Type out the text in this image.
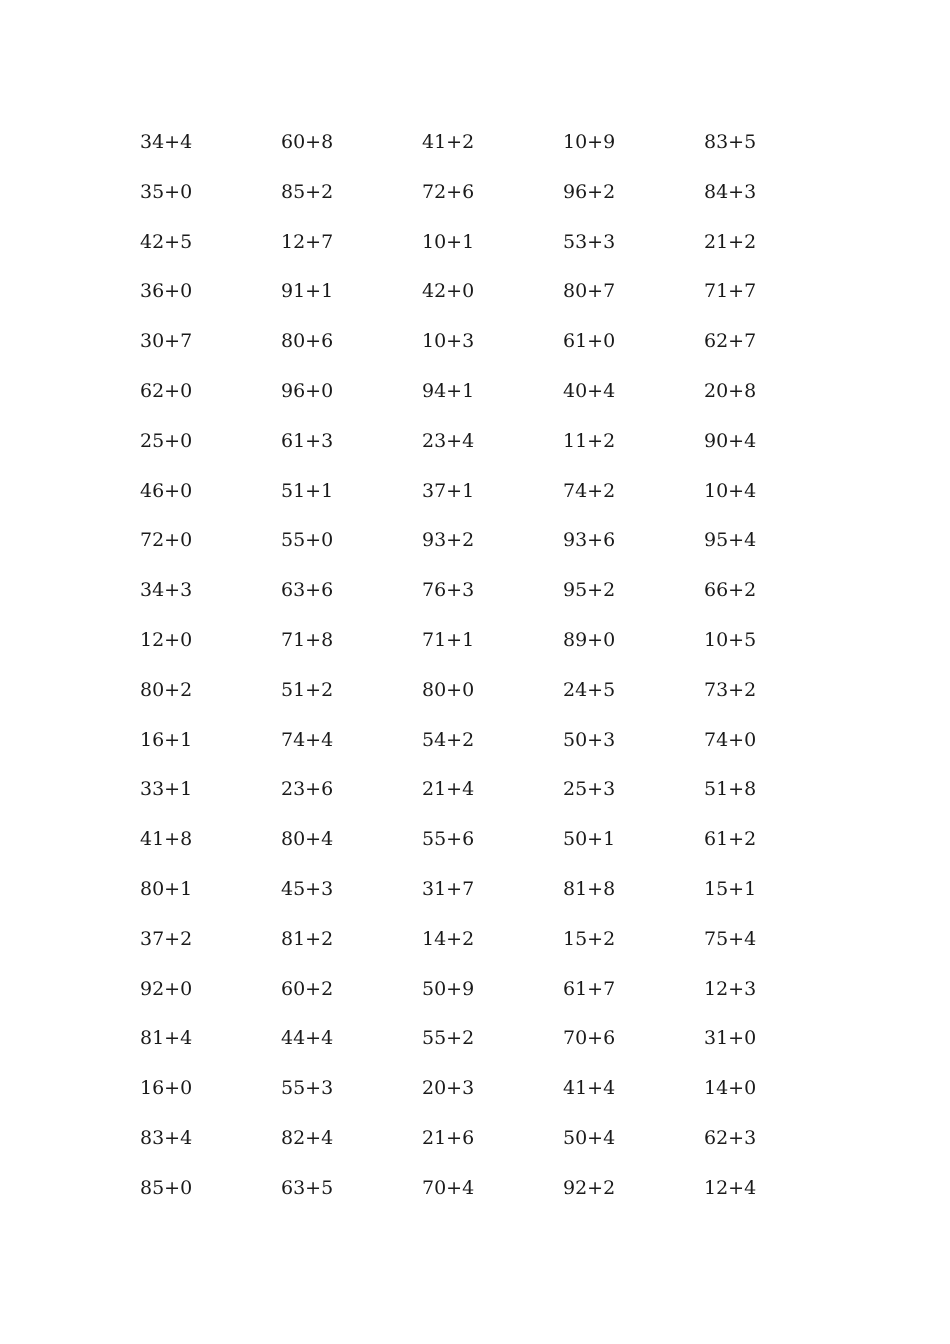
34+4	60+8	41+2	10+9	83+5
35+0	85+2	72+6	96+2	84+3
42+5	12+7	10+1	53+3	21+2
36+0	91+1	42+0	80+7	71+7
30+7	80+6	10+3	61+0	62+7
62+0	96+0	94+1	40+4	20+8
25+0	61+3	23+4	11+2	90+4
46+0	51+1	37+1	74+2	10+4
72+0	55+0	93+2	93+6	95+4
34+3	63+6	76+3	95+2	66+2
12+0	71+8	71+1	89+0	10+5
80+2	51+2	80+0	24+5	73+2
16+1	74+4	54+2	50+3	74+0
33+1	23+6	21+4	25+3	51+8
41+8	80+4	55+6	50+1	61+2
80+1	45+3	31+7	81+8	15+1
37+2	81+2	14+2	15+2	75+4
92+0	60+2	50+9	61+7	12+3
81+4	44+4	55+2	70+6	31+0
16+0	55+3	20+3	41+4	14+0
83+4	82+4	21+6	50+4	62+3
85+0	63+5	70+4	92+2	12+4
